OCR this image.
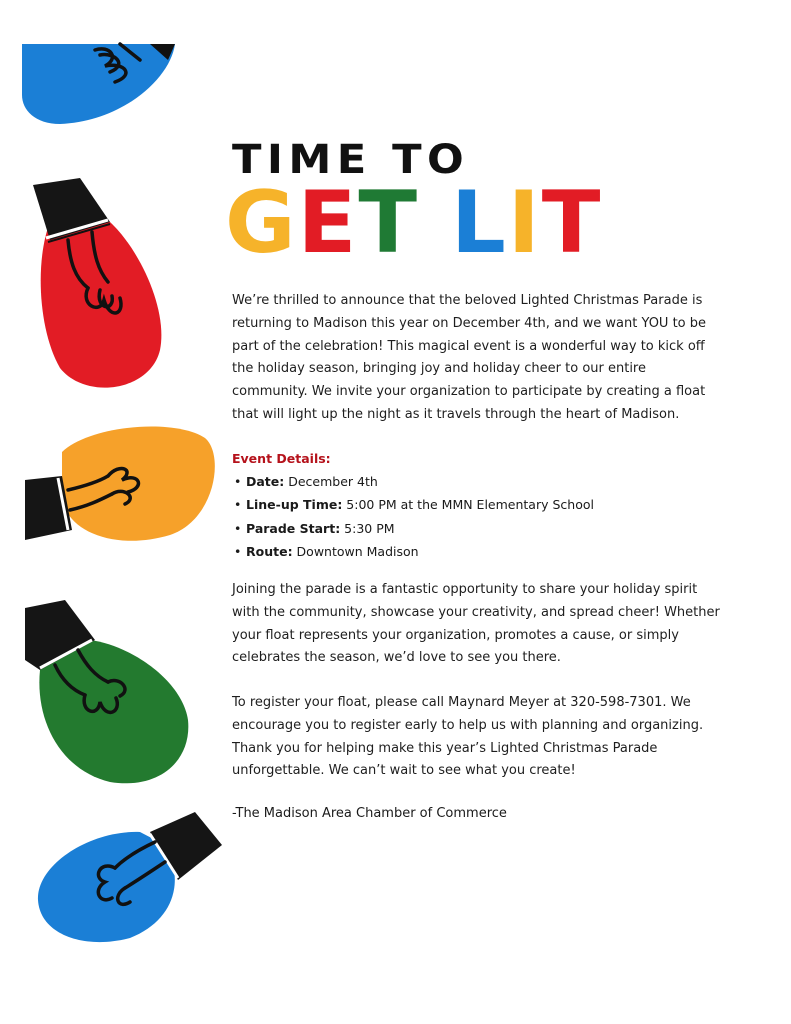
TIME TO
GET LIT

We’re thrilled to announce that the beloved Lighted Christmas Parade is returning to Madison this year on December 4th, and we want YOU to be part of the celebration! This magical event is a wonderful way to kick off the holiday season, bringing joy and holiday cheer to our entire community. We invite your organization to participate by creating a float that will light up the night as it travels through the heart of Madison.

Event Details:

• Date: December 4th
• Line-up Time: 5:00 PM at the MMN Elementary School
• Parade Start: 5:30 PM
• Route: Downtown Madison

Joining the parade is a fantastic opportunity to share your holiday spirit with the community, showcase your creativity, and spread cheer! Whether your float represents your organization, promotes a cause, or simply celebrates the season, we’d love to see you there.

To register your float, please call Maynard Meyer at 320-598-7301. We encourage you to register early to help us with planning and organizing. Thank you for helping make this year’s Lighted Christmas Parade unforgettable. We can’t wait to see what you create!

-The Madison Area Chamber of Commerce
